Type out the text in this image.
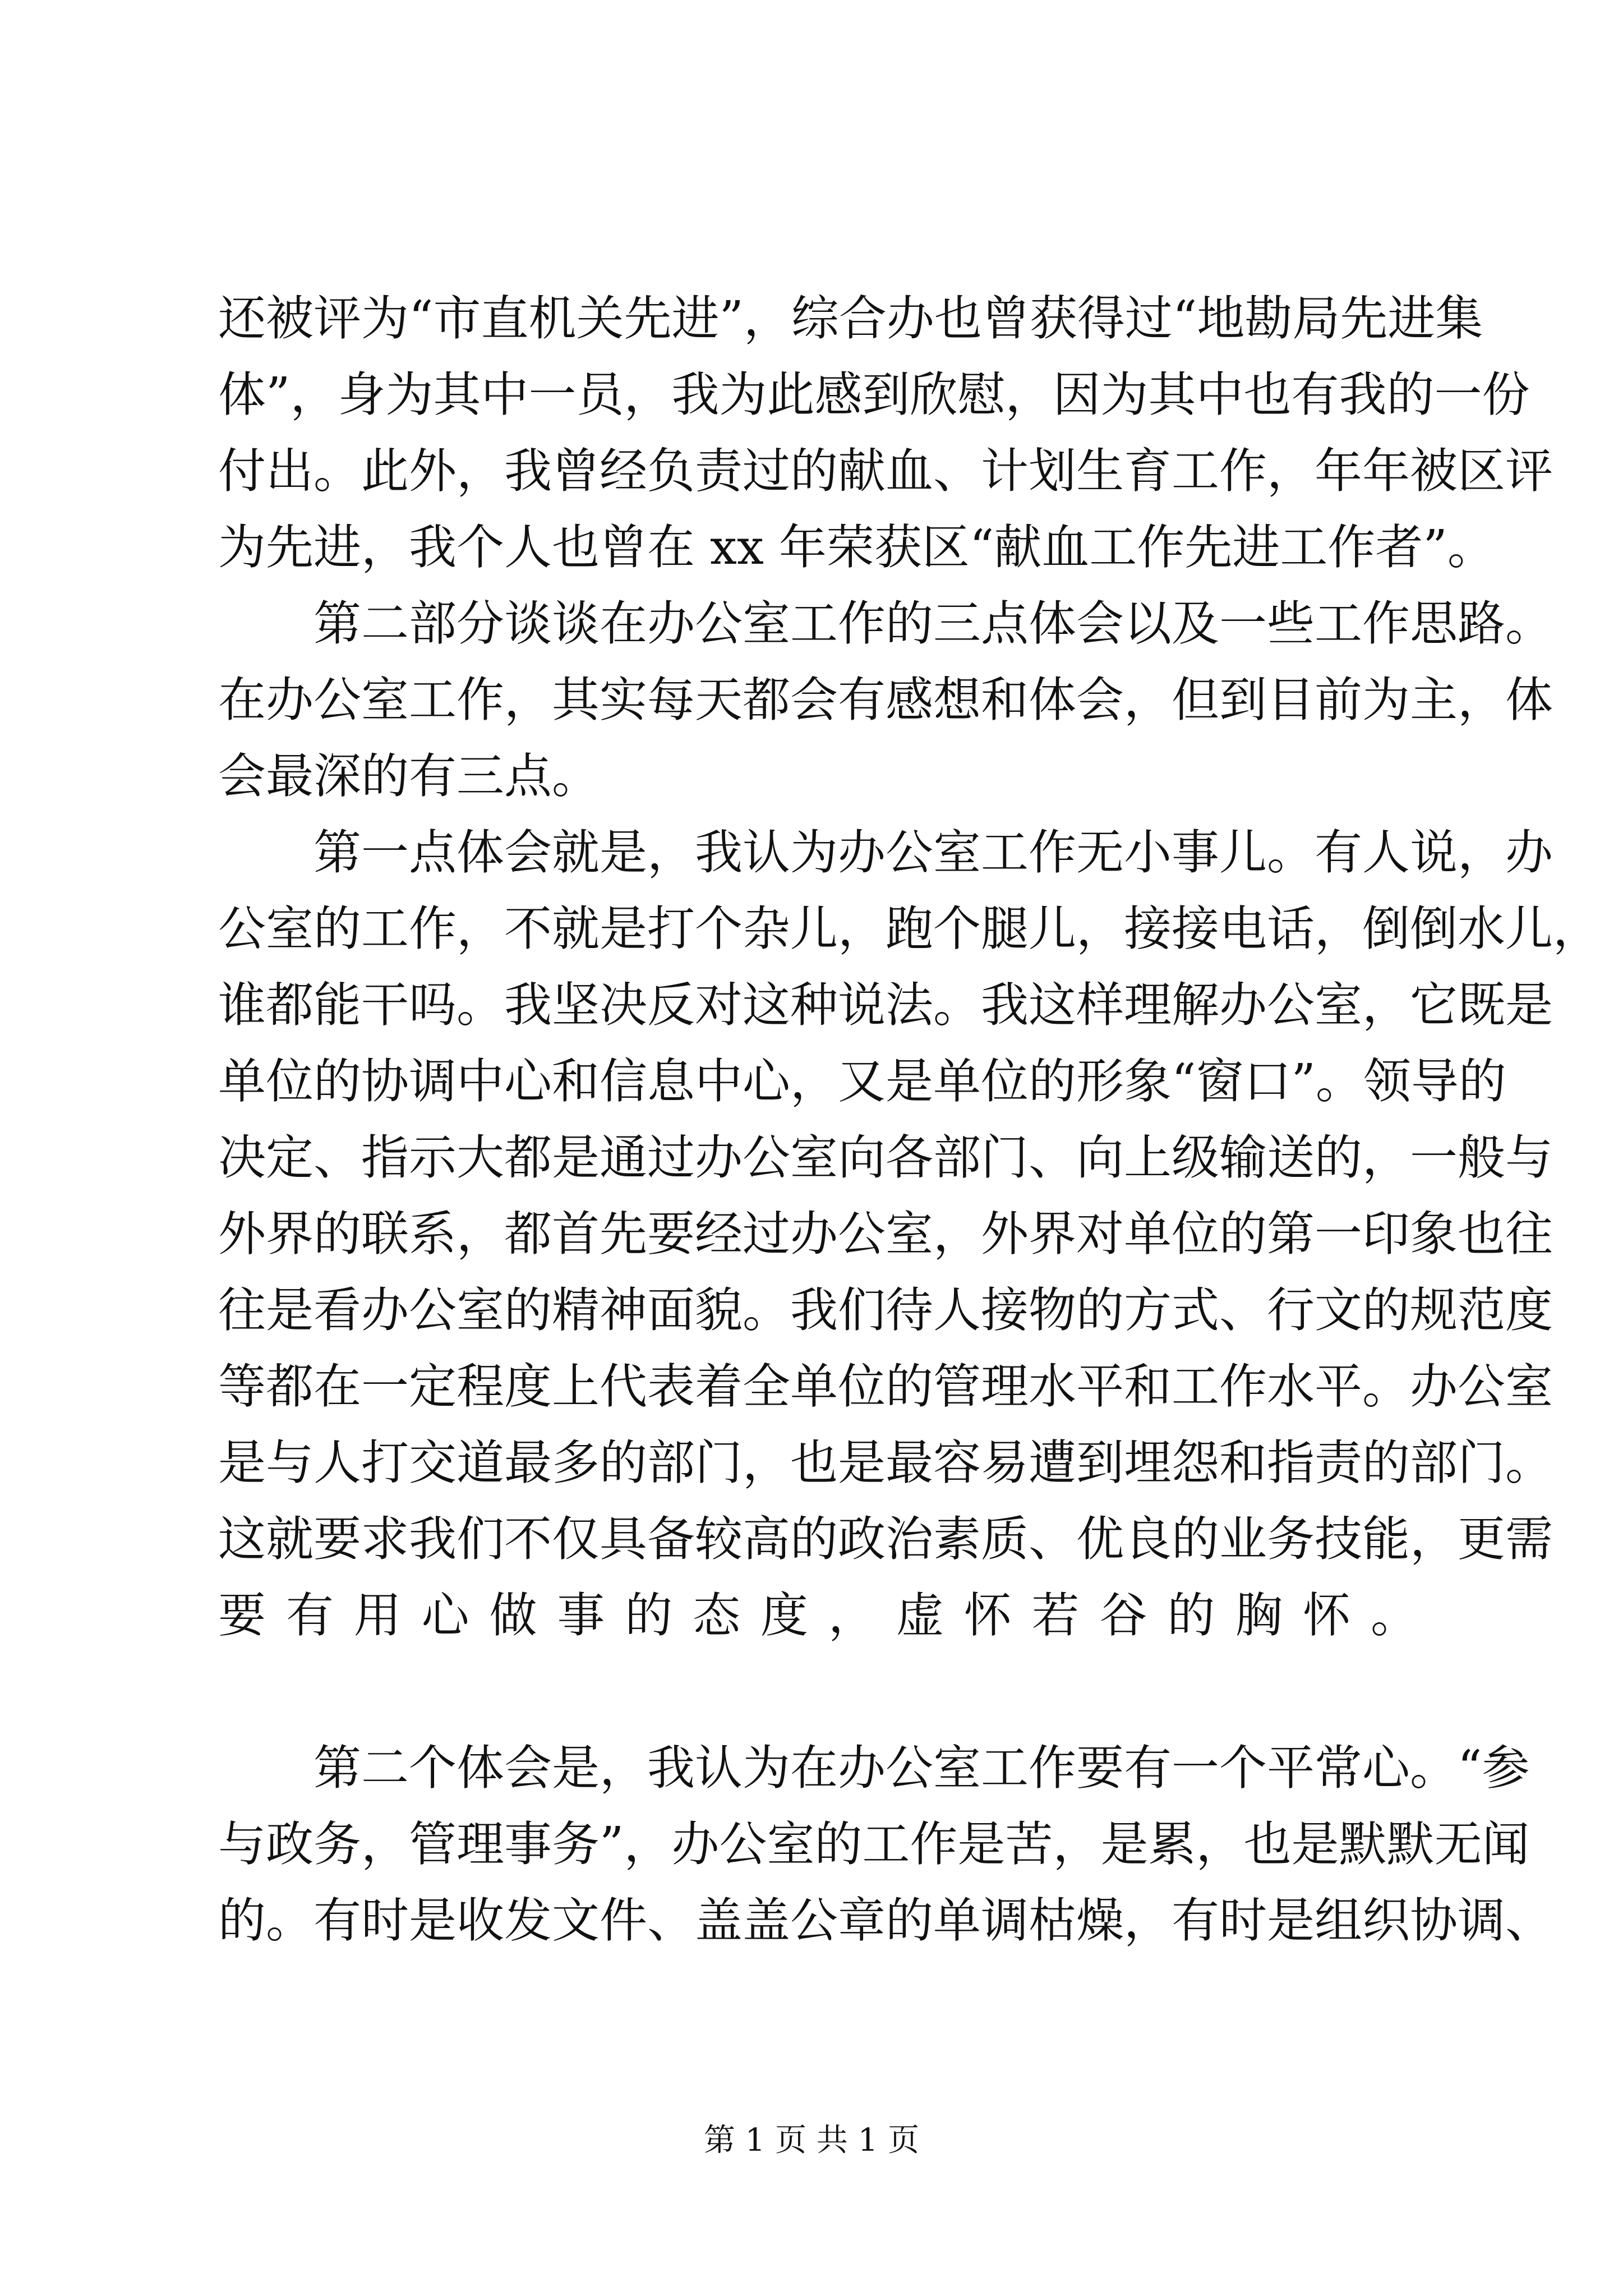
还被评为“市直机关先进”，综合办也曾获得过“地勘局先进集
体”，身为其中一员，我为此感到欣慰，因为其中也有我的一份
付出。此外，我曾经负责过的献血、计划生育工作，年年被区评
为先进，我个人也曾在 xx 年荣获区“献血工作先进工作者”。
第二部分谈谈在办公室工作的三点体会以及一些工作思路。
在办公室工作，其实每天都会有感想和体会，但到目前为主，体
会最深的有三点。
第一点体会就是，我认为办公室工作无小事儿。有人说，办
公室的工作，不就是打个杂儿，跑个腿儿，接接电话，倒倒水儿，
谁都能干吗。我坚决反对这种说法。我这样理解办公室，它既是
单位的协调中心和信息中心，又是单位的形象“窗口”。领导的
决定、指示大都是通过办公室向各部门、向上级输送的，一般与
外界的联系，都首先要经过办公室，外界对单位的第一印象也往
往是看办公室的精神面貌。我们待人接物的方式、行文的规范度
等都在一定程度上代表着全单位的管理水平和工作水平。办公室
是与人打交道最多的部门，也是最容易遭到埋怨和指责的部门。
这就要求我们不仅具备较高的政治素质、优良的业务技能，更需
要有用心做事的态度，虚怀若谷的胸怀。
第二个体会是，我认为在办公室工作要有一个平常心。“参
与政务，管理事务”，办公室的工作是苦，是累，也是默默无闻
的。有时是收发文件、盖盖公章的单调枯燥，有时是组织协调、
第 1 页 共 1 页
